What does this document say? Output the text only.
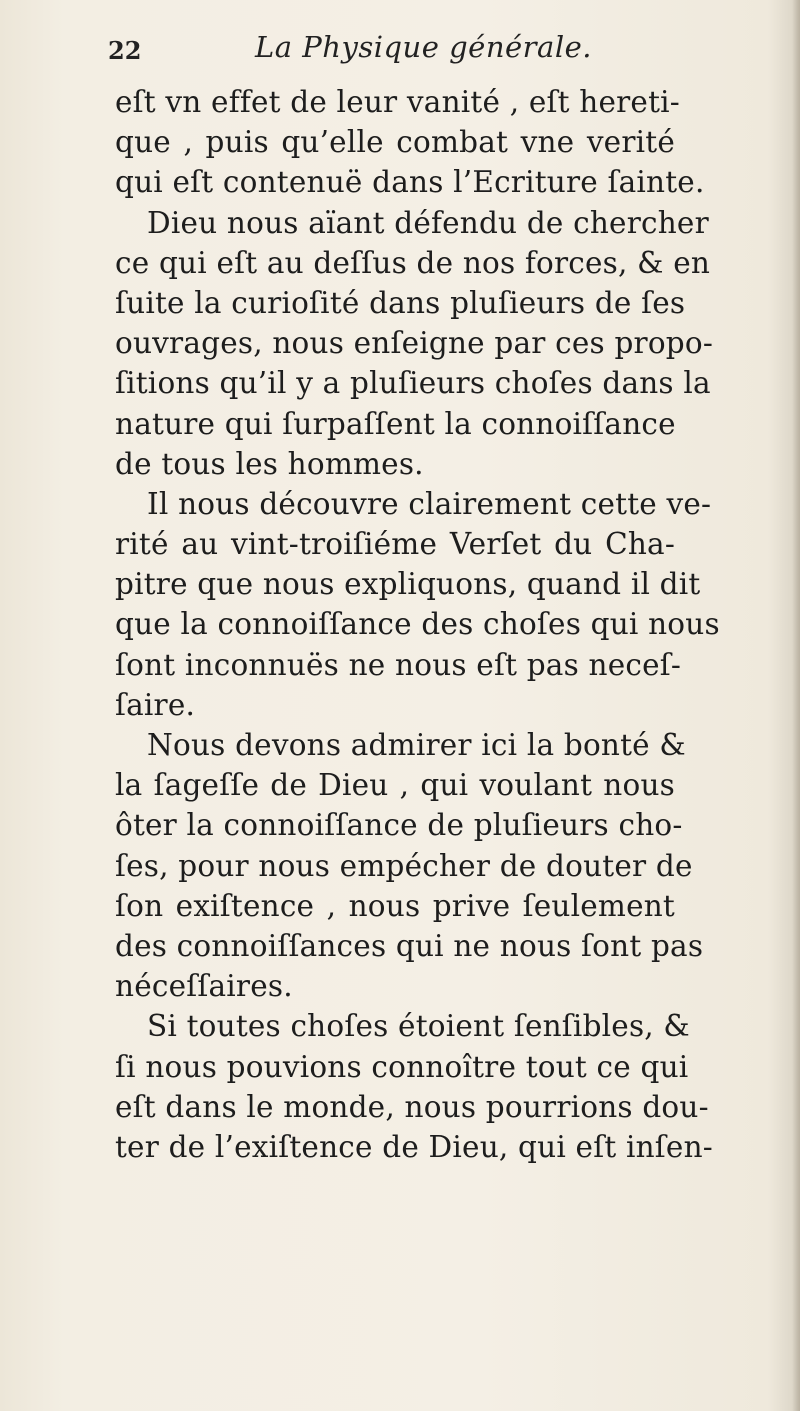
22	La Physique générale.
eſt vn effet de leur vanité , eſt hereti-
que , puis qu’elle combat vne verité
qui eſt contenuë dans l’Ecriture ſainte.
Dieu nous aïant défendu de chercher
ce qui eſt au deſſus de nos forces, & en
ſuite la curioſité dans pluſieurs de ſes
ouvrages, nous enſeigne par ces propo-
ſitions qu’il y a pluſieurs choſes dans la
nature qui ſurpaſſent la connoiſſance
de tous les hommes.
Il nous découvre clairement cette ve-
rité au vint-troiſiéme Verſet du Cha-
pitre que nous expliquons, quand il dit
que la connoiſſance des choſes qui nous
ſont inconnuës ne nous eſt pas neceſ-
ſaire.
Nous devons admirer ici la bonté &
la ſageſſe de Dieu , qui voulant nous
ôter la connoiſſance de pluſieurs cho-
ſes, pour nous empécher de douter de
ſon exiſtence , nous prive ſeulement
des connoiſſances qui ne nous ſont pas
néceſſaires.
Si toutes choſes étoient ſenſibles, &
ſi nous pouvions connoître tout ce qui
eſt dans le monde, nous pourrions dou-
ter de l’exiſtence de Dieu, qui eſt inſen-
